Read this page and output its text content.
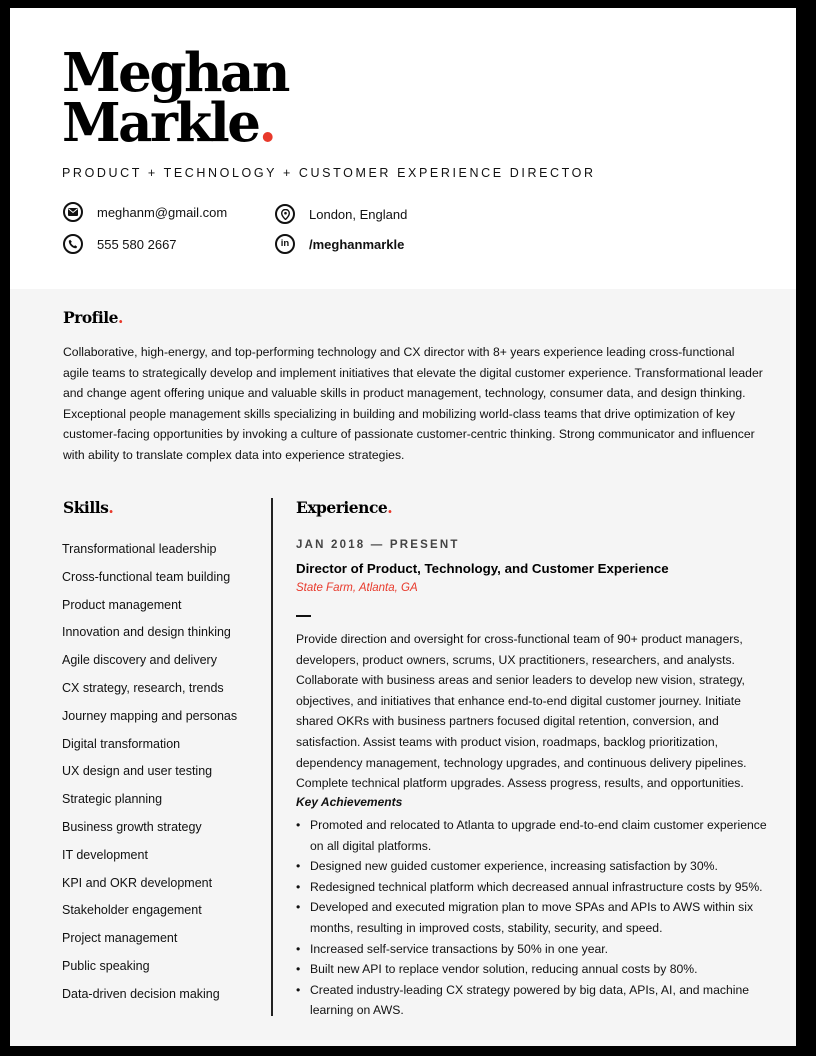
Meghan
Markle.
PRODUCT + TECHNOLOGY + CUSTOMER EXPERIENCE DIRECTOR
meghanm@gmail.com	London, England
555 580 2667	in /meghanmarkle
Profile.
Collaborative, high-energy, and top-performing technology and CX director with 8+ years experience leading cross-functional agile teams to strategically develop and implement initiatives that elevate the digital customer experience. Transformational leader and change agent offering unique and valuable skills in product management, technology, consumer data, and design thinking. Exceptional people management skills specializing in building and mobilizing world-class teams that drive optimization of key customer-facing opportunities by invoking a culture of passionate customer-centric thinking. Strong communicator and influencer with ability to translate complex data into experience strategies.
Skills.
Transformational leadership
Cross-functional team building
Product management
Innovation and design thinking
Agile discovery and delivery
CX strategy, research, trends
Journey mapping and personas
Digital transformation
UX design and user testing
Strategic planning
Business growth strategy
IT development
KPI and OKR development
Stakeholder engagement
Project management
Public speaking
Data-driven decision making
Experience.
JAN 2018 — PRESENT
Director of Product, Technology, and Customer Experience
State Farm, Atlanta, GA
Provide direction and oversight for cross-functional team of 90+ product managers, developers, product owners, scrums, UX practitioners, researchers, and analysts. Collaborate with business areas and senior leaders to develop new vision, strategy, objectives, and initiatives that enhance end-to-end digital customer journey. Initiate shared OKRs with business partners focused digital retention, conversion, and satisfaction. Assist teams with product vision, roadmaps, backlog prioritization, dependency management, technology upgrades, and continuous delivery pipelines. Complete technical platform upgrades. Assess progress, results, and opportunities.
Key Achievements
• Promoted and relocated to Atlanta to upgrade end-to-end claim customer experience on all digital platforms.
• Designed new guided customer experience, increasing satisfaction by 30%.
• Redesigned technical platform which decreased annual infrastructure costs by 95%.
• Developed and executed migration plan to move SPAs and APIs to AWS within six months, resulting in improved costs, stability, security, and speed.
• Increased self-service transactions by 50% in one year.
• Built new API to replace vendor solution, reducing annual costs by 80%.
• Created industry-leading CX strategy powered by big data, APIs, AI, and machine learning on AWS.
